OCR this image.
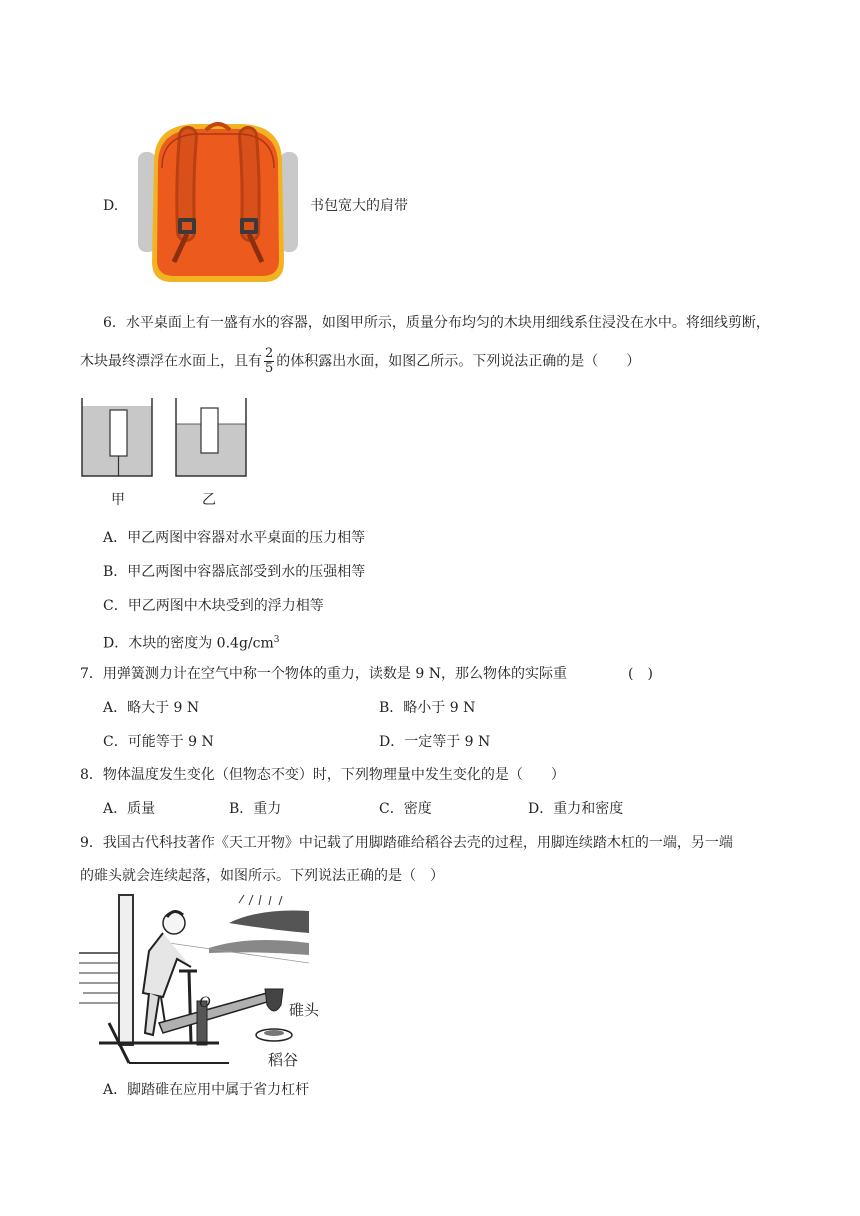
D.	书包宽大的肩带
6．水平桌面上有一盛有水的容器，如图甲所示，质量分布均匀的木块用细线系住浸没在水中。将细线剪断，
木块最终漂浮在水面上，且有 $\frac{2}{5}$ 的体积露出水面，如图乙所示。下列说法正确的是（　　）
甲	乙
A．甲乙两图中容器对水平桌面的压力相等
B．甲乙两图中容器底部受到水的压强相等
C．甲乙两图中木块受到的浮力相等
D．木块的密度为 $0.4g/cm^3$
7．用弹簧测力计在空气中称一个物体的重力，读数是 9 N，那么物体的实际重	(　)
A．略大于 9 N	B．略小于 9 N
C．可能等于 9 N	D．一定等于 9 N
8．物体温度发生变化（但物态不变）时，下列物理量中发生变化的是（　　）
A．质量	B．重力	C．密度	D．重力和密度
9．我国古代科技著作《天工开物》中记载了用脚踏碓给稻谷去壳的过程，用脚连续踏木杠的一端，另一端
的碓头就会连续起落，如图所示。下列说法正确的是（　）
O	碓头
稻谷
A．脚踏碓在应用中属于省力杠杆
